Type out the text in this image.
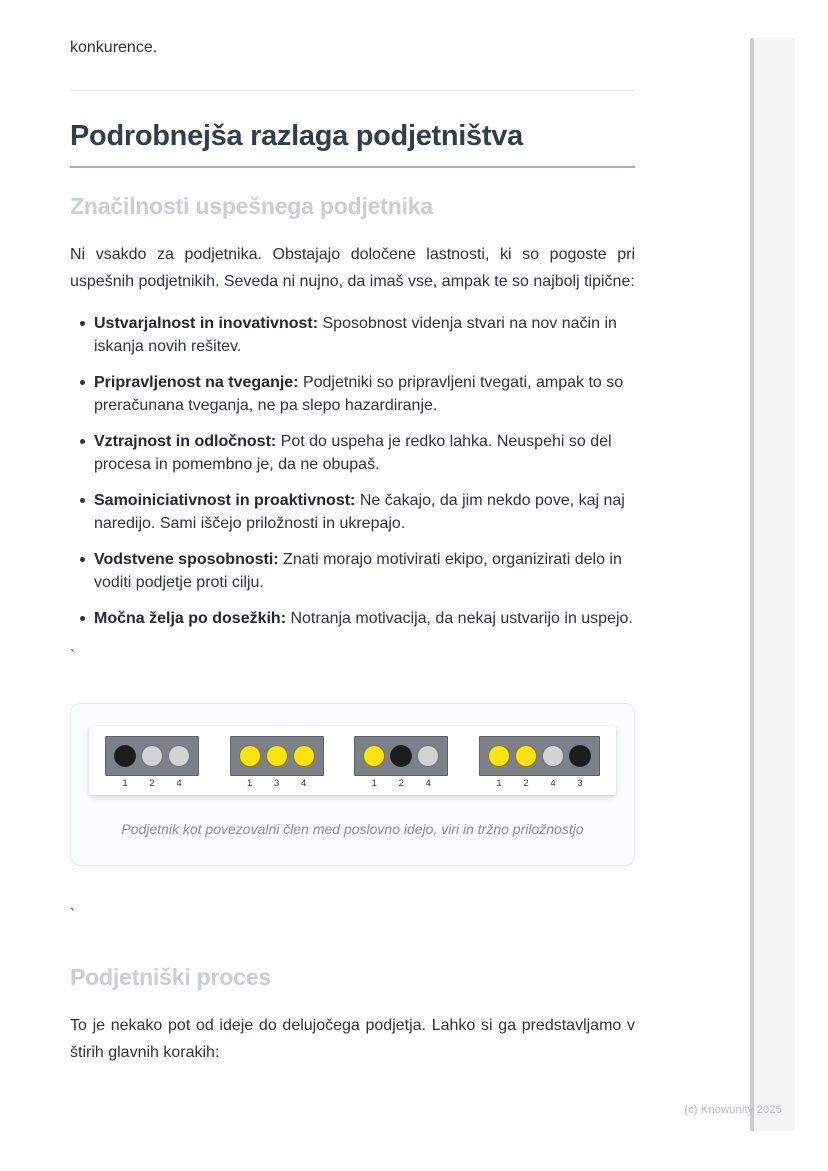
konkurence.

Podrobnejša razlaga podjetništva
Značilnosti uspešnega podjetnika

Ni vsakdo za podjetnika. Obstajajo določene lastnosti, ki so pogoste pri uspešnih podjetnikih. Seveda ni nujno, da imaš vse, ampak te so najbolj tipične:

Ustvarjalnost in inovativnost: Sposobnost videnja stvari na nov način in iskanja novih rešitev.
Pripravljenost na tveganje: Podjetniki so pripravljeni tvegati, ampak to so preračunana tveganja, ne pa slepo hazardiranje.
Vztrajnost in odločnost: Pot do uspeha je redko lahka. Neuspehi so del procesa in pomembno je, da ne obupaš.
Samoiniciativnost in proaktivnost: Ne čakajo, da jim nekdo pove, kaj naj naredijo. Sami iščejo priložnosti in ukrepajo.
Vodstvene sposobnosti: Znati morajo motivirati ekipo, organizirati delo in voditi podjetje proti cilju.
Močna želja po dosežkih: Notranja motivacija, da nekaj ustvarijo in uspejo.

`

1	2	4	1	3	4	1	2	4	1	2	4	3

Podjetnik kot povezovalni člen med poslovno idejo, viri in tržno priložnostjo

`

Podjetniški proces

To je nekako pot od ideje do delujočega podjetja. Lahko si ga predstavljamo v štirih glavnih korakih:

(c) Knowunity 2025
